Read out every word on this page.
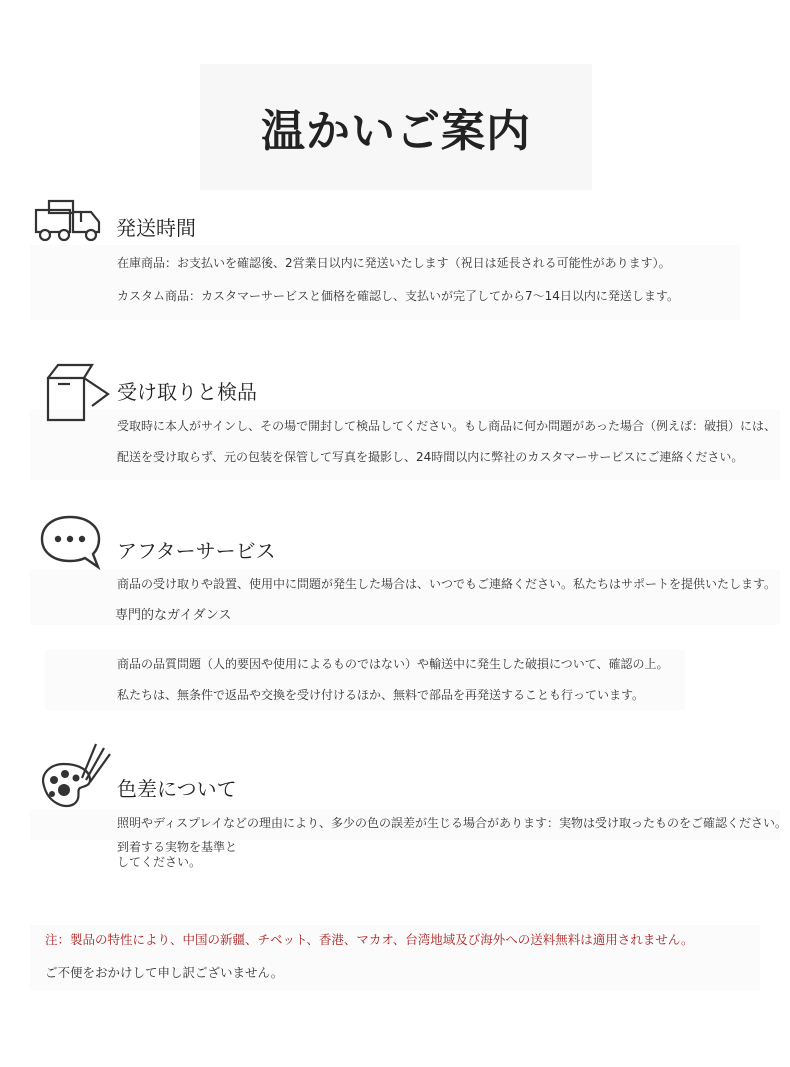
温かいご案内
発送時間
在庫商品：お支払いを確認後、2営業日以内に発送いたします（祝日は延長される可能性があります）。
カスタム商品：カスタマーサービスと価格を確認し、支払いが完了してから7〜14日以内に発送します。
受け取りと検品
受取時に本人がサインし、その場で開封して検品してください。もし商品に何か問題があった場合（例えば：破損）には、
配送を受け取らず、元の包装を保管して写真を撮影し、24時間以内に弊社のカスタマーサービスにご連絡ください。
アフターサービス
商品の受け取りや設置、使用中に問題が発生した場合は、いつでもご連絡ください。私たちはサポートを提供いたします。
専門的なガイダンス
商品の品質問題（人的要因や使用によるものではない）や輸送中に発生した破損について、確認の上。
私たちは、無条件で返品や交換を受け付けるほか、無料で部品を再発送することも行っています。
色差について
照明やディスプレイなどの理由により、多少の色の誤差が生じる場合があります：実物は受け取ったものをご確認ください。
到着する実物を基準と
してください。
注：製品の特性により、中国の新疆、チベット、香港、マカオ、台湾地域及び海外への送料無料は適用されません。
ご不便をおかけして申し訳ございません。
